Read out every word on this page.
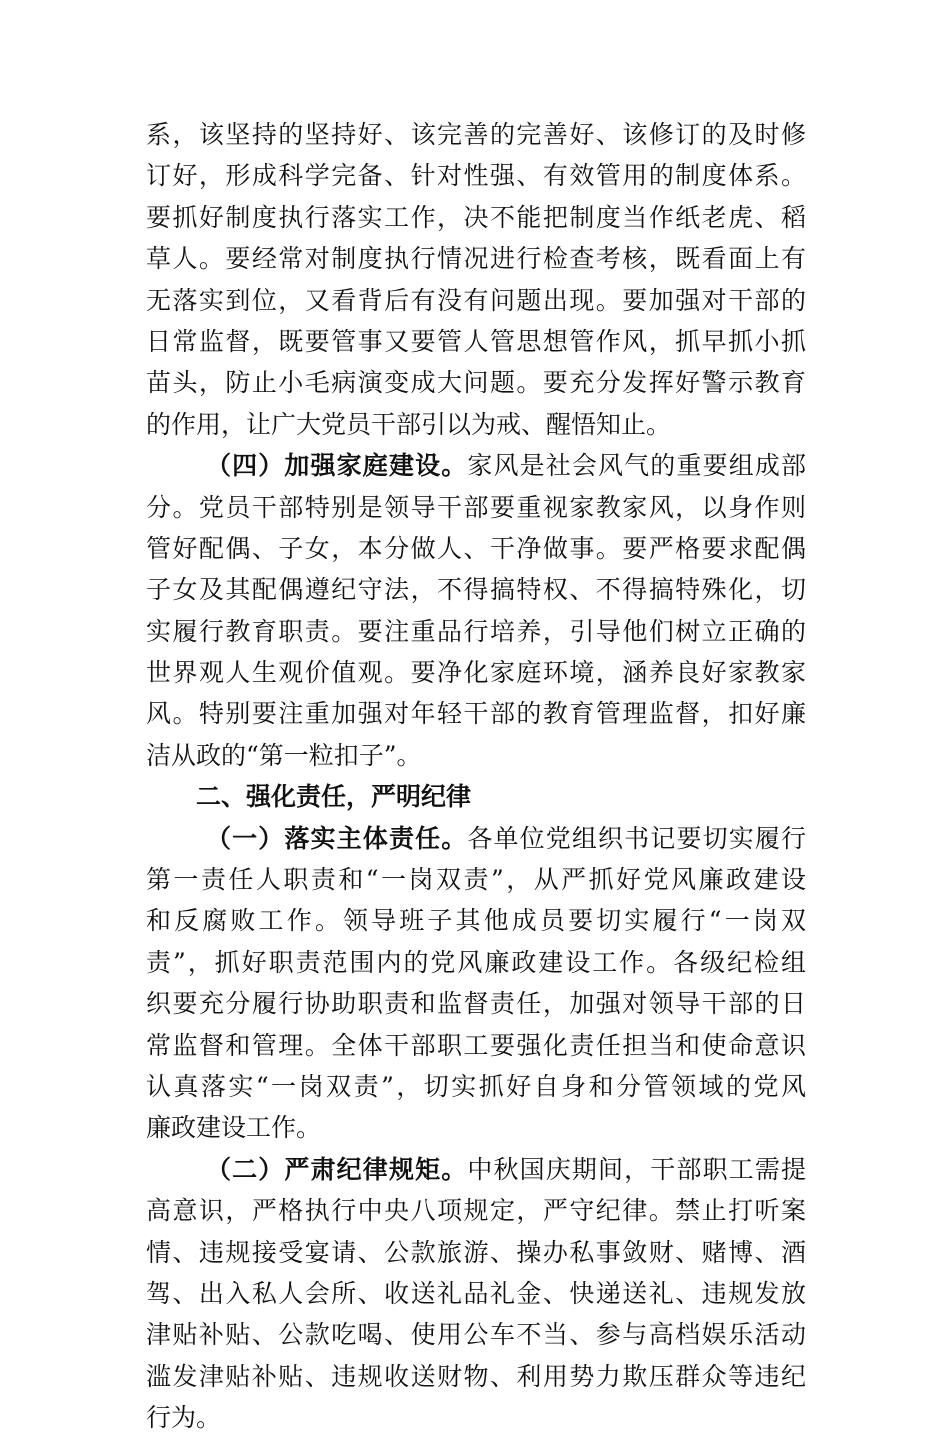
系，该坚持的坚持好、该完善的完善好、该修订的及时修
订好，形成科学完备、针对性强、有效管用的制度体系。
要抓好制度执行落实工作，决不能把制度当作纸老虎、稻
草人。要经常对制度执行情况进行检查考核，既看面上有
无落实到位，又看背后有没有问题出现。要加强对干部的
日常监督，既要管事又要管人管思想管作风，抓早抓小抓
苗头，防止小毛病演变成大问题。要充分发挥好警示教育
的作用，让广大党员干部引以为戒、醒悟知止。
（四）加强家庭建设。家风是社会风气的重要组成部
分。党员干部特别是领导干部要重视家教家风，以身作则
管好配偶、子女，本分做人、干净做事。要严格要求配偶
子女及其配偶遵纪守法，不得搞特权、不得搞特殊化，切
实履行教育职责。要注重品行培养，引导他们树立正确的
世界观人生观价值观。要净化家庭环境，涵养良好家教家
风。特别要注重加强对年轻干部的教育管理监督，扣好廉
洁从政的“第一粒扣子”。
二、强化责任，严明纪律
（一）落实主体责任。各单位党组织书记要切实履行
第一责任人职责和“一岗双责”，从严抓好党风廉政建设
和反腐败工作。领导班子其他成员要切实履行“一岗双
责”，抓好职责范围内的党风廉政建设工作。各级纪检组
织要充分履行协助职责和监督责任，加强对领导干部的日
常监督和管理。全体干部职工要强化责任担当和使命意识
认真落实“一岗双责”，切实抓好自身和分管领域的党风
廉政建设工作。
（二）严肃纪律规矩。中秋国庆期间，干部职工需提
高意识，严格执行中央八项规定，严守纪律。禁止打听案
情、违规接受宴请、公款旅游、操办私事敛财、赌博、酒
驾、出入私人会所、收送礼品礼金、快递送礼、违规发放
津贴补贴、公款吃喝、使用公车不当、参与高档娱乐活动
滥发津贴补贴、违规收送财物、利用势力欺压群众等违纪
行为。
